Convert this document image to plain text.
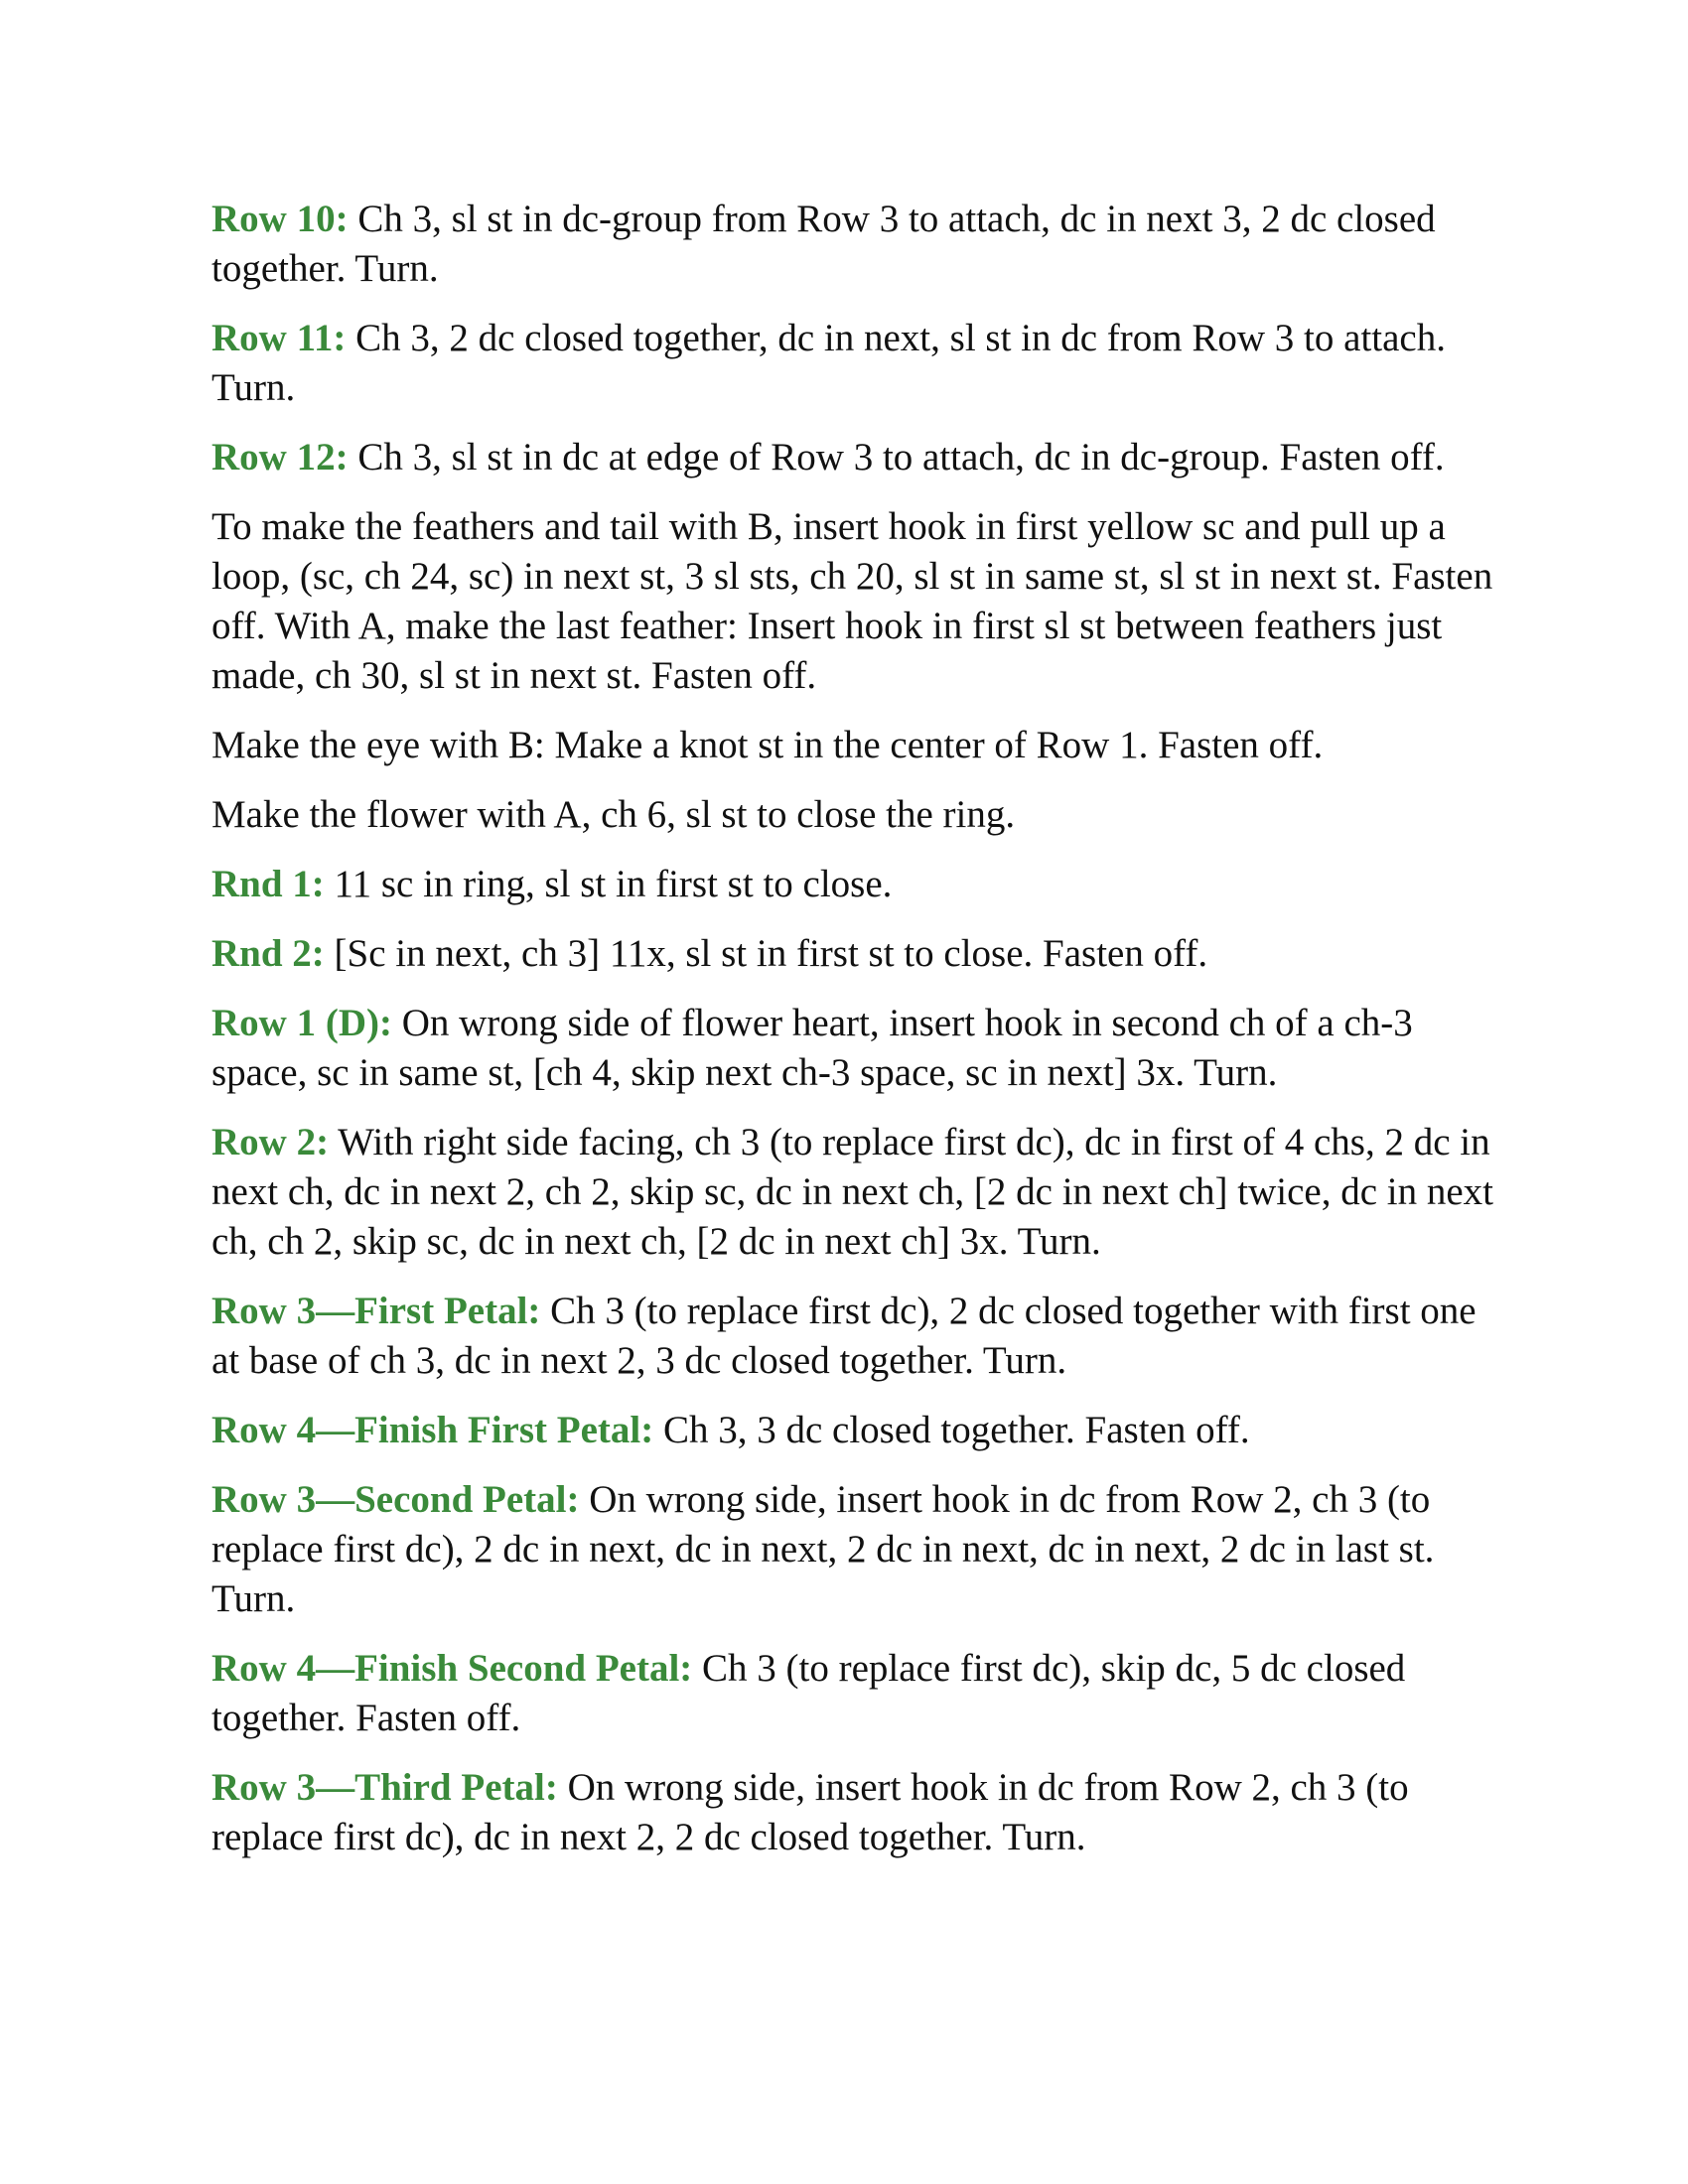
Row 10: Ch 3, sl st in dc-group from Row 3 to attach, dc in next 3, 2 dc closed together. Turn.

Row 11: Ch 3, 2 dc closed together, dc in next, sl st in dc from Row 3 to attach. Turn.

Row 12: Ch 3, sl st in dc at edge of Row 3 to attach, dc in dc-group. Fasten off.

To make the feathers and tail with B, insert hook in first yellow sc and pull up a loop, (sc, ch 24, sc) in next st, 3 sl sts, ch 20, sl st in same st, sl st in next st. Fasten off. With A, make the last feather: Insert hook in first sl st between feathers just made, ch 30, sl st in next st. Fasten off.

Make the eye with B: Make a knot st in the center of Row 1. Fasten off.

Make the flower with A, ch 6, sl st to close the ring.

Rnd 1: 11 sc in ring, sl st in first st to close.

Rnd 2: [Sc in next, ch 3] 11x, sl st in first st to close. Fasten off.

Row 1 (D): On wrong side of flower heart, insert hook in second ch of a ch-3 space, sc in same st, [ch 4, skip next ch-3 space, sc in next] 3x. Turn.

Row 2: With right side facing, ch 3 (to replace first dc), dc in first of 4 chs, 2 dc in next ch, dc in next 2, ch 2, skip sc, dc in next ch, [2 dc in next ch] twice, dc in next ch, ch 2, skip sc, dc in next ch, [2 dc in next ch] 3x. Turn.

Row 3—First Petal: Ch 3 (to replace first dc), 2 dc closed together with first one at base of ch 3, dc in next 2, 3 dc closed together. Turn.

Row 4—Finish First Petal: Ch 3, 3 dc closed together. Fasten off.

Row 3—Second Petal: On wrong side, insert hook in dc from Row 2, ch 3 (to replace first dc), 2 dc in next, dc in next, 2 dc in next, dc in next, 2 dc in last st. Turn.

Row 4—Finish Second Petal: Ch 3 (to replace first dc), skip dc, 5 dc closed together. Fasten off.

Row 3—Third Petal: On wrong side, insert hook in dc from Row 2, ch 3 (to replace first dc), dc in next 2, 2 dc closed together. Turn.
